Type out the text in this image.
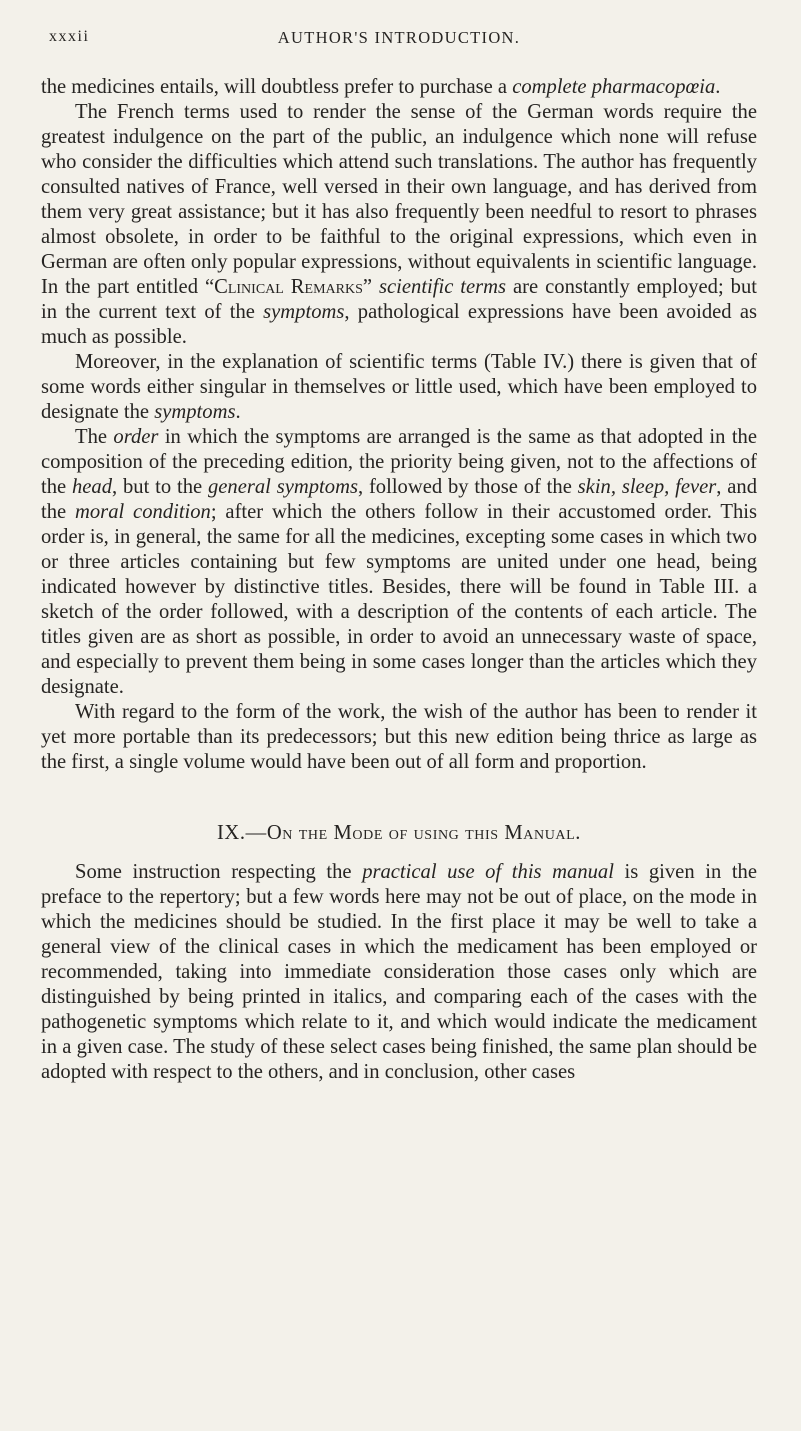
xxxii	AUTHOR'S INTRODUCTION.

the medicines entails, will doubtless prefer to purchase a complete pharmacopœia.

The French terms used to render the sense of the German words require the greatest indulgence on the part of the public, an indulgence which none will refuse who consider the difficulties which attend such translations. The author has frequently consulted natives of France, well versed in their own language, and has derived from them very great assistance; but it has also frequently been needful to resort to phrases almost obsolete, in order to be faithful to the original expressions, which even in German are often only popular expressions, without equivalents in scientific language. In the part entitled “Clinical Remarks” scientific terms are constantly employed; but in the current text of the symptoms, pathological expressions have been avoided as much as possible.

Moreover, in the explanation of scientific terms (Table IV.) there is given that of some words either singular in themselves or little used, which have been employed to designate the symptoms.

The order in which the symptoms are arranged is the same as that adopted in the composition of the preceding edition, the priority being given, not to the affections of the head, but to the general symptoms, followed by those of the skin, sleep, fever, and the moral condition; after which the others follow in their accustomed order. This order is, in general, the same for all the medicines, excepting some cases in which two or three articles containing but few symptoms are united under one head, being indicated however by distinctive titles. Besides, there will be found in Table III. a sketch of the order followed, with a description of the contents of each article. The titles given are as short as possible, in order to avoid an unnecessary waste of space, and especially to prevent them being in some cases longer than the articles which they designate.

With regard to the form of the work, the wish of the author has been to render it yet more portable than its predecessors; but this new edition being thrice as large as the first, a single volume would have been out of all form and proportion.

IX.—On the Mode of using this Manual.

Some instruction respecting the practical use of this manual is given in the preface to the repertory; but a few words here may not be out of place, on the mode in which the medicines should be studied. In the first place it may be well to take a general view of the clinical cases in which the medicament has been employed or recommended, taking into immediate consideration those cases only which are distinguished by being printed in italics, and comparing each of the cases with the pathogenetic symptoms which relate to it, and which would indicate the medicament in a given case. The study of these select cases being finished, the same plan should be adopted with respect to the others, and in conclusion, other cases
